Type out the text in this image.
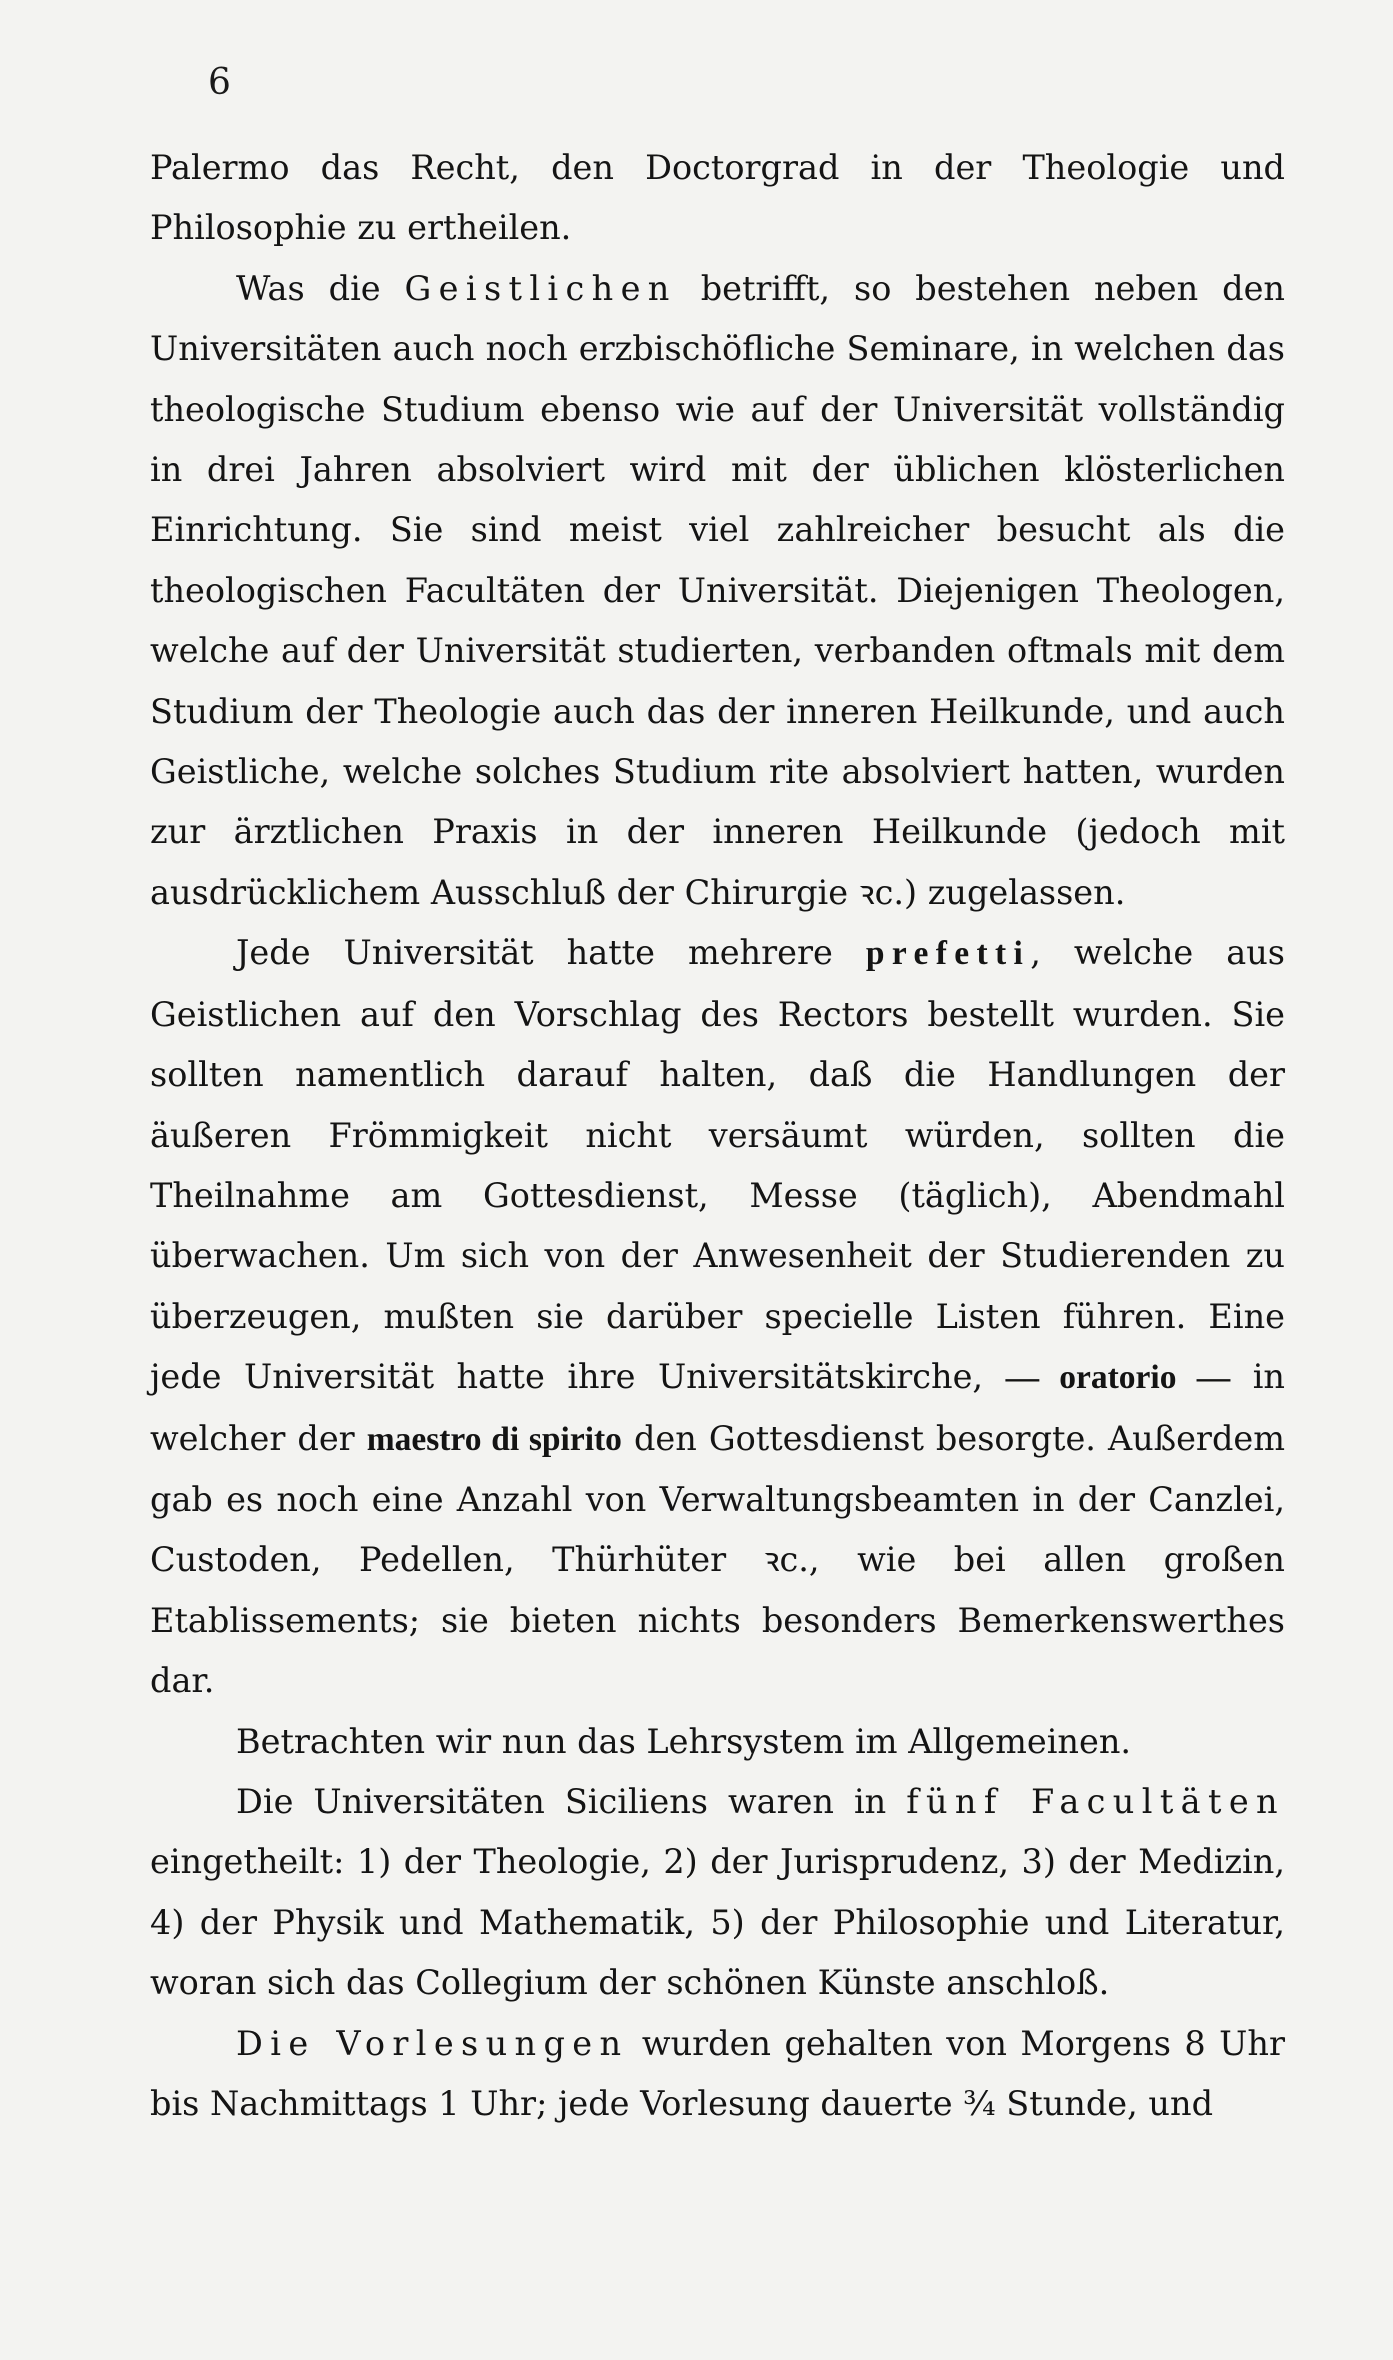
6

Palermo das Recht, den Doctorgrad in der Theologie und Philosophie zu ertheilen.

Was die Geistlichen betrifft, so bestehen neben den Universitäten auch noch erzbischöfliche Seminare, in welchen das theologische Studium ebenso wie auf der Universität vollständig in drei Jahren absolviert wird mit der üblichen klösterlichen Einrichtung. Sie sind meist viel zahlreicher besucht als die theologischen Facultäten der Universität. Diejenigen Theologen, welche auf der Universität studierten, verbanden oftmals mit dem Studium der Theologie auch das der inneren Heilkunde, und auch Geistliche, welche solches Studium rite absolviert hatten, wurden zur ärztlichen Praxis in der inneren Heilkunde (jedoch mit ausdrücklichem Ausschluß der Chirurgie ꝛc.) zugelassen.

Jede Universität hatte mehrere prefetti, welche aus Geistlichen auf den Vorschlag des Rectors bestellt wurden. Sie sollten namentlich darauf halten, daß die Handlungen der äußeren Frömmigkeit nicht versäumt würden, sollten die Theilnahme am Gottesdienst, Messe (täglich), Abendmahl überwachen. Um sich von der Anwesenheit der Studierenden zu überzeugen, mußten sie darüber specielle Listen führen. Eine jede Universität hatte ihre Universitätskirche, — oratorio — in welcher der maestro di spirito den Gottesdienst besorgte. Außerdem gab es noch eine Anzahl von Verwaltungsbeamten in der Canzlei, Custoden, Pedellen, Thürhüter ꝛc., wie bei allen großen Etablissements; sie bieten nichts besonders Bemerkenswerthes dar.

Betrachten wir nun das Lehrsystem im Allgemeinen.

Die Universitäten Siciliens waren in fünf Facultäten eingetheilt: 1) der Theologie, 2) der Jurisprudenz, 3) der Medizin, 4) der Physik und Mathematik, 5) der Philosophie und Literatur, woran sich das Collegium der schönen Künste anschloß.

Die Vorlesungen wurden gehalten von Morgens 8 Uhr bis Nachmittags 1 Uhr; jede Vorlesung dauerte ¾ Stunde, und
